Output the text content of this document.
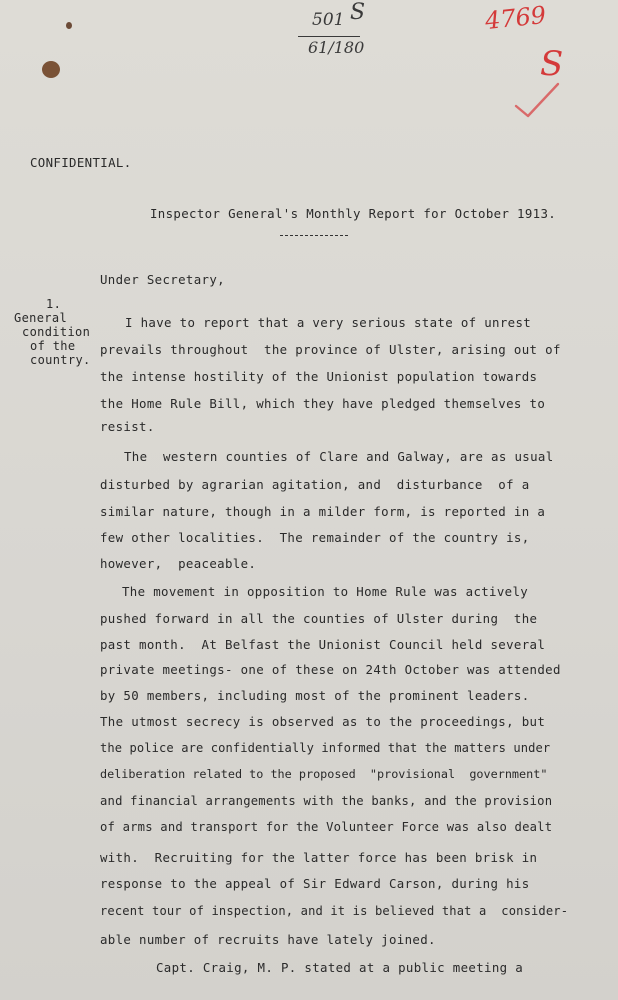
501 S
61/180
4769
S
CONFIDENTIAL.
Inspector General's Monthly Report for October 1913.
Under Secretary,
1.
General
condition
of the
country.
I have to report that a very serious state of unrest
prevails throughout  the province of Ulster, arising out of
the intense hostility of the Unionist population towards
the Home Rule Bill, which they have pledged themselves to
resist.
The  western counties of Clare and Galway, are as usual
disturbed by agrarian agitation, and  disturbance  of a
similar nature, though in a milder form, is reported in a
few other localities.  The remainder of the country is,
however,  peaceable.
The movement in opposition to Home Rule was actively
pushed forward in all the counties of Ulster during  the
past month.  At Belfast the Unionist Council held several
private meetings- one of these on 24th October was attended
by 50 members, including most of the prominent leaders.
The utmost secrecy is observed as to the proceedings, but
the police are confidentially informed that the matters under
deliberation related to the proposed  "provisional  government"
and financial arrangements with the banks, and the provision
of arms and transport for the Volunteer Force was also dealt
with.  Recruiting for the latter force has been brisk in
response to the appeal of Sir Edward Carson, during his
recent tour of inspection, and it is believed that a  consider-
able number of recruits have lately joined.
Capt. Craig, M. P. stated at a public meeting a
